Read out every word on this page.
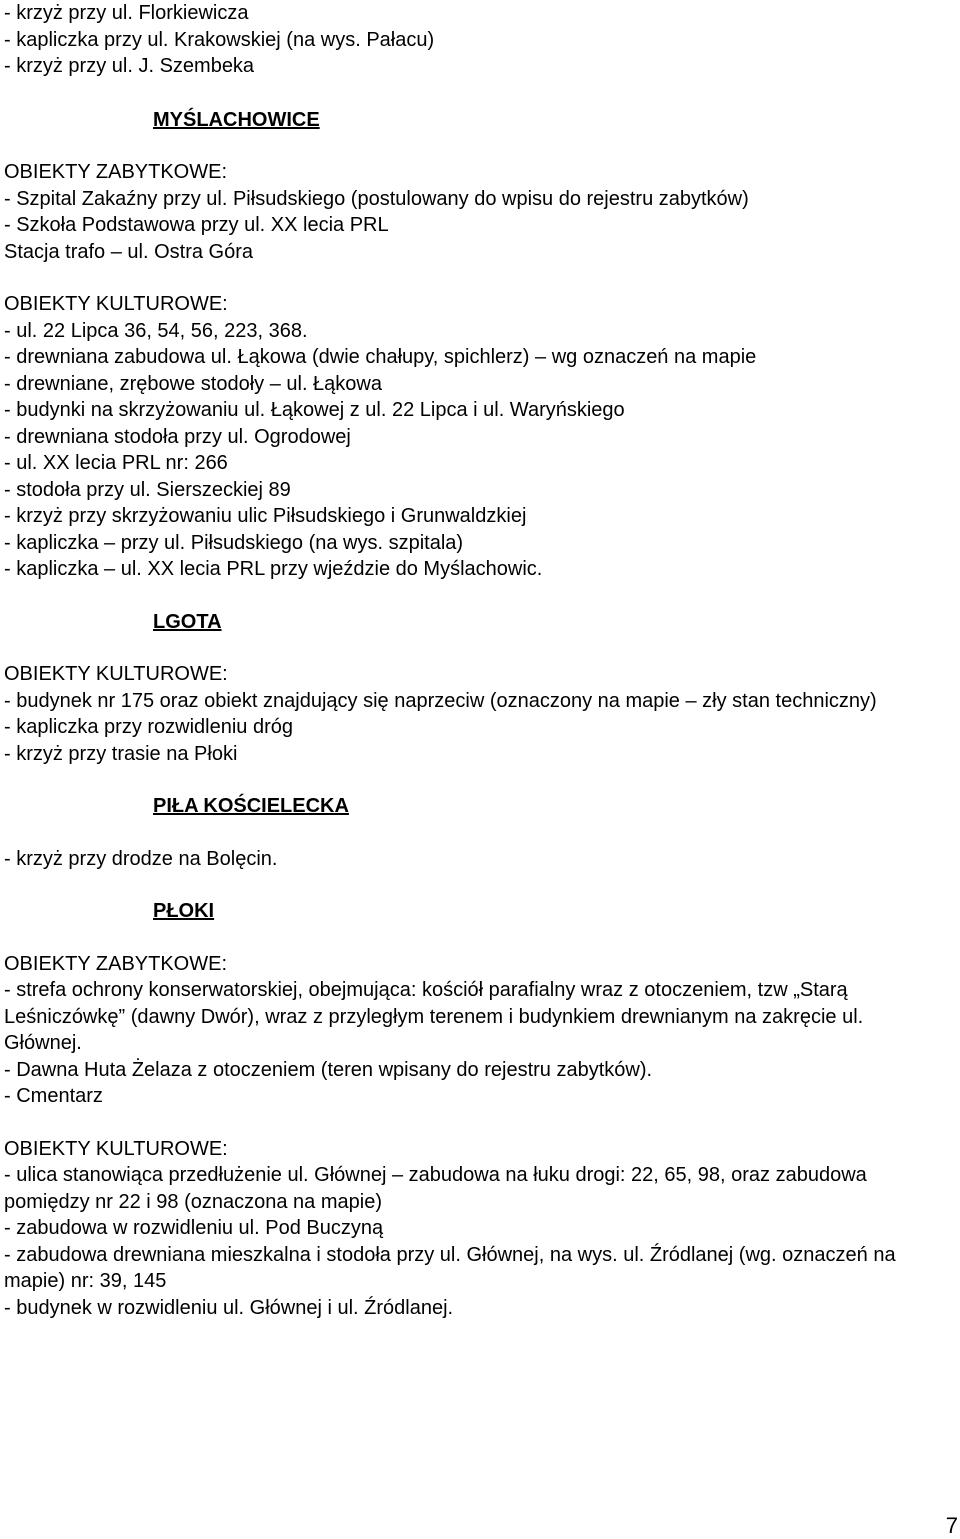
- krzyż przy ul. Florkiewicza
- kapliczka przy ul. Krakowskiej (na wys. Pałacu)
- krzyż przy ul. J. Szembeka
MYŚLACHOWICE
OBIEKTY ZABYTKOWE:
- Szpital Zakaźny przy ul. Piłsudskiego (postulowany do wpisu do rejestru zabytków)
- Szkoła Podstawowa przy ul. XX lecia PRL
Stacja trafo – ul. Ostra Góra
OBIEKTY KULTUROWE:
- ul. 22 Lipca 36, 54, 56, 223, 368.
- drewniana zabudowa ul. Łąkowa (dwie chałupy, spichlerz) – wg oznaczeń na mapie
- drewniane, zrębowe stodoły – ul. Łąkowa
- budynki na skrzyżowaniu ul. Łąkowej z ul. 22 Lipca i ul. Waryńskiego
- drewniana stodoła przy ul. Ogrodowej
- ul. XX lecia PRL nr: 266
- stodoła przy ul. Sierszeckiej 89
- krzyż przy skrzyżowaniu ulic Piłsudskiego i Grunwaldzkiej
- kapliczka – przy ul. Piłsudskiego (na wys. szpitala)
- kapliczka – ul. XX lecia PRL przy wjeździe do Myślachowic.
LGOTA
OBIEKTY KULTUROWE:
- budynek nr 175 oraz obiekt znajdujący się naprzeciw (oznaczony na mapie – zły stan techniczny)
- kapliczka przy rozwidleniu dróg
- krzyż przy trasie na Płoki
PIŁA KOŚCIELECKA
- krzyż przy drodze na Bolęcin.
PŁOKI
OBIEKTY ZABYTKOWE:
- strefa ochrony konserwatorskiej, obejmująca: kościół parafialny wraz z otoczeniem, tzw „Starą Leśniczówkę” (dawny Dwór), wraz z przyległym terenem i budynkiem drewnianym na zakręcie ul. Głównej.
- Dawna Huta Żelaza z otoczeniem (teren wpisany do rejestru zabytków).
- Cmentarz
OBIEKTY KULTUROWE:
- ulica stanowiąca przedłużenie ul. Głównej – zabudowa na łuku drogi: 22, 65, 98, oraz zabudowa pomiędzy nr 22 i 98 (oznaczona na mapie)
- zabudowa w rozwidleniu ul. Pod Buczyną
- zabudowa drewniana mieszkalna i stodoła przy ul. Głównej, na wys. ul. Źródlanej (wg. oznaczeń na mapie) nr: 39, 145
- budynek w rozwidleniu ul. Głównej i ul. Źródlanej.
7
